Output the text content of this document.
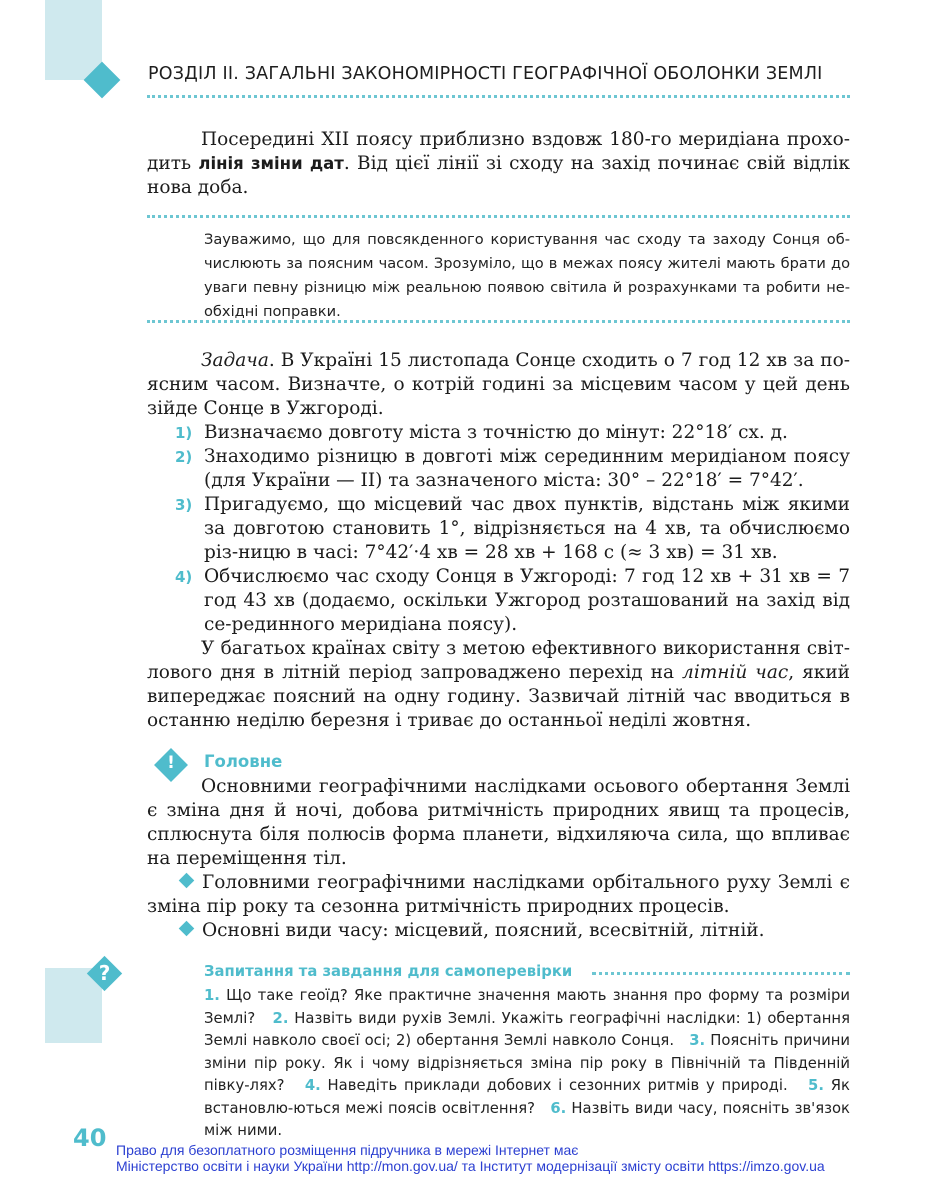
РОЗДІЛ ІІ. ЗАГАЛЬНІ ЗАКОНОМІРНОСТІ ГЕОГРАФІЧНОЇ ОБОЛОНКИ ЗЕМЛІ
Посередині ХІІ поясу приблизно вздовж 180-го меридіана прохо-дить лінія зміни дат. Від цієї лінії зі сходу на захід починає свій відлік нова доба.
Зауважимо, що для повсякденного користування час сходу та заходу Сонця об-числюють за поясним часом. Зрозуміло, що в межах поясу жителі мають брати до уваги певну різницю між реальною появою світила й розрахунками та робити не-обхідні поправки.
Задача. В Україні 15 листопада Сонце сходить о 7 год 12 хв за по-ясним часом. Визначте, о котрій годині за місцевим часом у цей день зійде Сонце в Ужгороді.
1) Визначаємо довготу міста з точністю до мінут: 22°18′ сх. д.
2) Знаходимо різницю в довготі між серединним меридіаном поясу (для України — ІІ) та зазначеного міста: 30° – 22°18′ = 7°42′.
3) Пригадуємо, що місцевий час двох пунктів, відстань між якими за довготою становить 1°, відрізняється на 4 хв, та обчислюємо різ-ницю в часі: 7°42′·4 хв = 28 хв + 168 с (≈ 3 хв) = 31 хв.
4) Обчислюємо час сходу Сонця в Ужгороді: 7 год 12 хв + 31 хв = 7 год 43 хв (додаємо, оскільки Ужгород розташований на захід від се-рединного меридіана поясу).
У багатьох країнах світу з метою ефективного використання світ-лового дня в літній період запроваджено перехід на літній час, який випереджає поясний на одну годину. Зазвичай літній час вводиться в останню неділю березня і триває до останньої неділі жовтня.
!	Головне
Основними географічними наслідками осьового обертання Землі є зміна дня й ночі, добова ритмічність природних явищ та процесів, сплюснута біля полюсів форма планети, відхиляюча сила, що впливає на переміщення тіл.
Головними географічними наслідками орбітального руху Землі є зміна пір року та сезонна ритмічність природних процесів.
Основні види часу: місцевий, поясний, всесвітній, літній.
?	Запитання та завдання для самоперевірки
1. Що таке геоїд? Яке практичне значення мають знання про форму та розміри Землі? 2. Назвіть види рухів Землі. Укажіть географічні наслідки: 1) обертання Землі навколо своєї осі; 2) обертання Землі навколо Сонця. 3. Поясніть причини зміни пір року. Як і чому відрізняється зміна пір року в Північній та Південній півку-лях? 4. Наведіть приклади добових і сезонних ритмів у природі. 5. Як встановлю-ються межі поясів освітлення? 6. Назвіть види часу, поясніть зв'язок між ними.
40 Право для безоплатного розміщення підручника в мережі Інтернет має
Міністерство освіти і науки України http://mon.gov.ua/ та Інститут модернізації змісту освіти https://imzo.gov.ua
